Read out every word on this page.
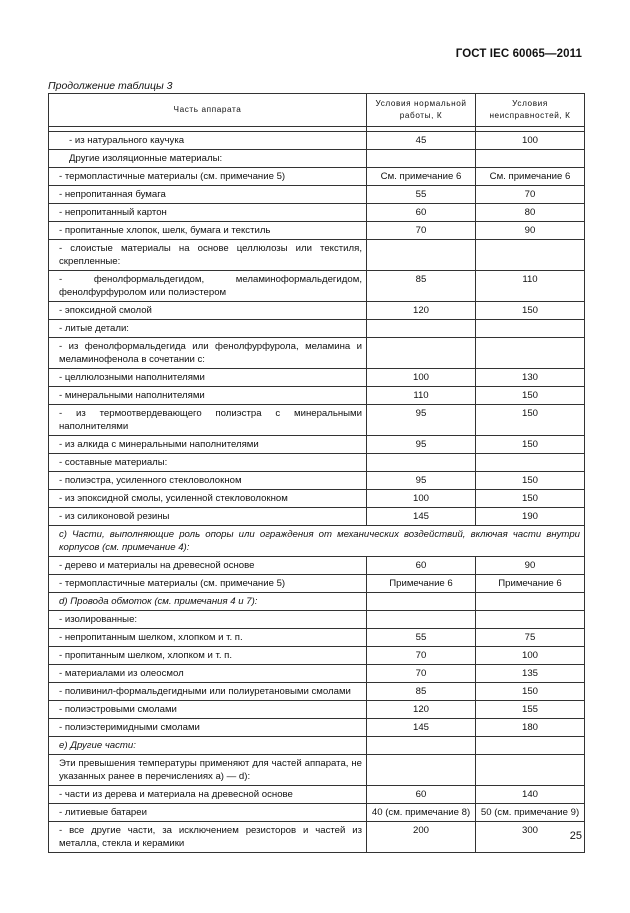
ГОСТ IEC 60065—2011
Продолжение таблицы 3
Часть аппарата	Условия нормальной работы, К	Условия неисправностей, К

- из натурального каучука	45	100
Другие изоляционные материалы:		
- термопластичные материалы (см. примечание 5)	См. примечание 6	См. примечание 6
- непропитанная бумага	55	70
- непропитанный картон	60	80
- пропитанные хлопок, шелк, бумага и текстиль	70	90
- слоистые материалы на основе целлюлозы или текстиля, скрепленные:		
- фенолформальдегидом, меламиноформальдегидом, фенолфурфуролом или полиэстером	85	110
- эпоксидной смолой	120	150
- литые детали:		
- из фенолформальдегида или фенолфурфурола, меламина и меламинофенола в сочетании с:		
- целлюлозными наполнителями	100	130
- минеральными наполнителями	110	150
- из термоотвердевающего полиэстра с минеральными наполнителями	95	150
- из алкида с минеральными наполнителями	95	150
- составные материалы:		
- полиэстра, усиленного стекловолокном	95	150
- из эпоксидной смолы, усиленной стекловолокном	100	150
- из силиконовой резины	145	190
c) Части, выполняющие роль опоры или ограждения от механических воздействий, включая части внутри корпусов (см. примечание 4):		
- дерево и материалы на древесной основе	60	90
- термопластичные материалы (см. примечание 5)	Примечание 6	Примечание 6
d) Провода обмоток (см. примечания 4 и 7):		
- изолированные:		
- непропитанным шелком, хлопком и т. п.	55	75
- пропитанным шелком, хлопком и т. п.	70	100
- материалами из олеосмол	70	135
- поливинил-формальдегидными или полиуретановыми смолами	85	150
- полиэстровыми смолами	120	155
- полиэстеримидными смолами	145	180
e) Другие части:		
Эти превышения температуры применяют для частей аппарата, не указанных ранее в перечислениях a) — d):		
- части из дерева и материала на древесной основе	60	140
- литиевые батареи	40 (см. примечание 8)	50 (см. примечание 9)
- все другие части, за исключением резисторов и частей из металла, стекла и керамики	200	300	25
